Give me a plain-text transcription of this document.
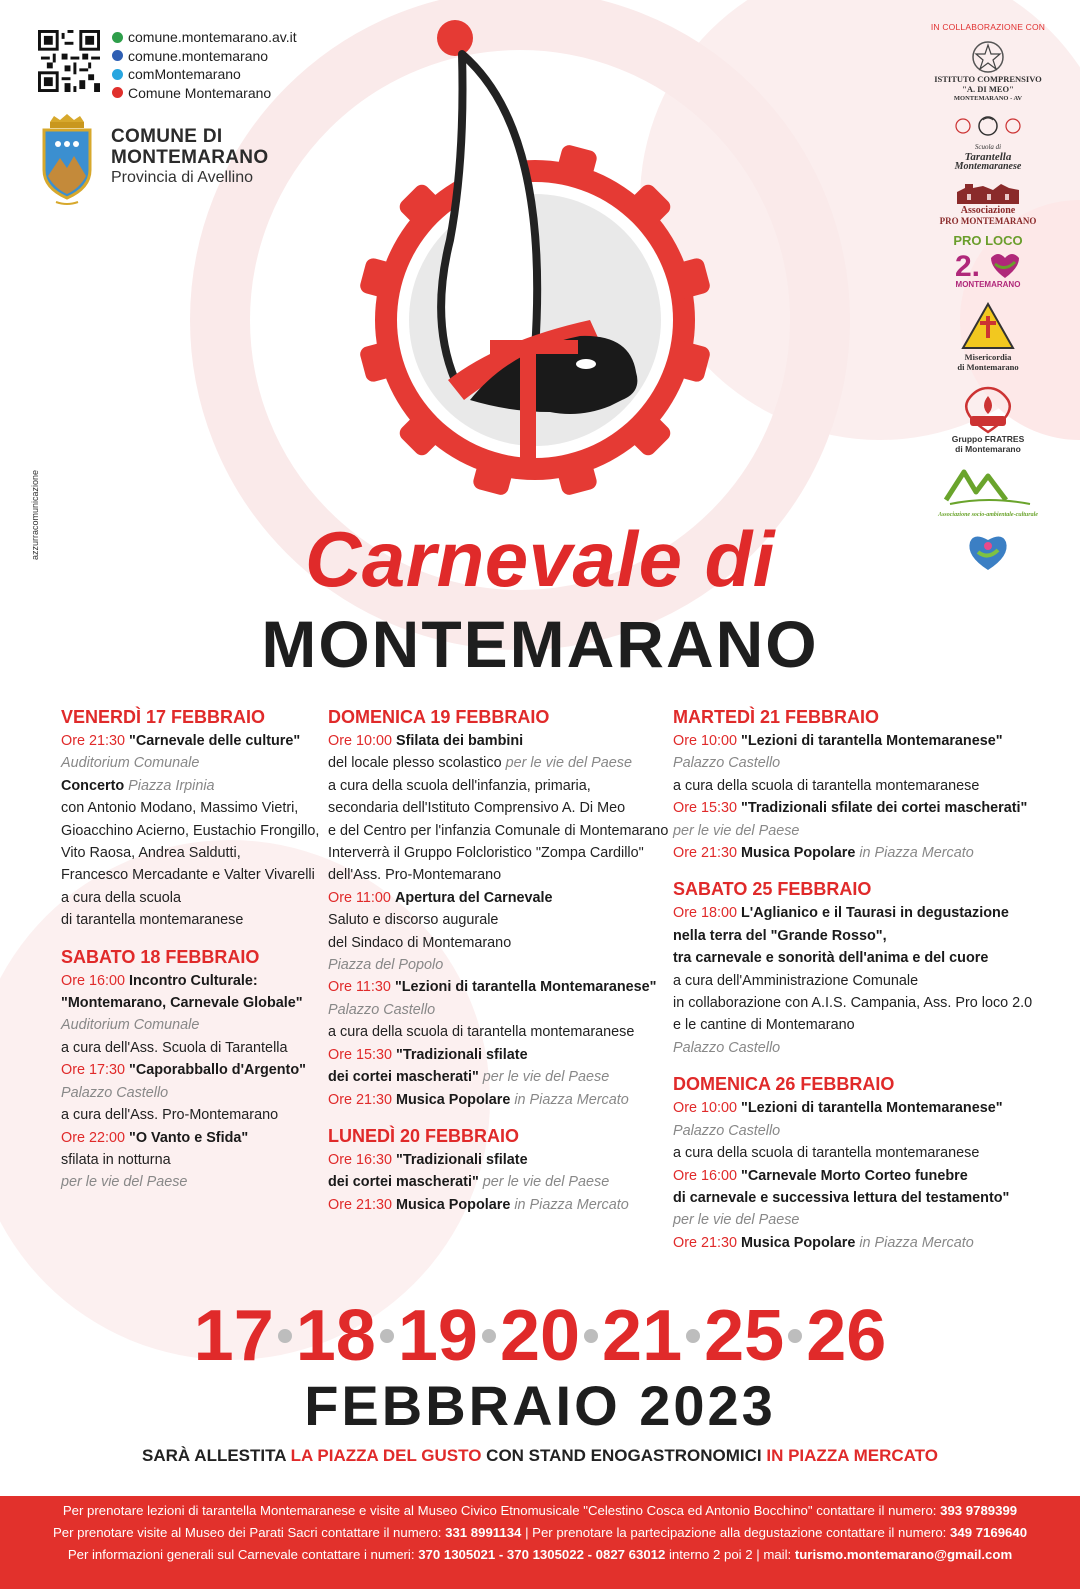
comune.montemarano.av.it
comune.montemarano
comMontemarano
Comune Montemarano
COMUNE DI
MONTEMARANO
Provincia di Avellino
IN COLLABORAZIONE CON
ISTITUTO COMPRENSIVO
"A. DI MEO"
MONTEMARANO - AV
Scuola di
Tarantella
Montemaranese
Associazione
PRO MONTEMARANO
PRO LOCO
2.
MONTEMARANO
Misericordia
di Montemarano
Gruppo FRATRES
di Montemarano
Associazione socio-ambientale-culturale
azzurracomunicazione	Carnevale di
MONTEMARANO
VENERDÌ 17 FEBBRAIO
Ore 21:30 "Carnevale delle culture"
Auditorium Comunale
Concerto Piazza Irpinia
con Antonio Modano, Massimo Vietri,
Gioacchino Acierno, Eustachio Frongillo,
Vito Raosa, Andrea Saldutti,
Francesco Mercadante e Valter Vivarelli
a cura della scuola
di tarantella montemaranese
SABATO 18 FEBBRAIO
Ore 16:00 Incontro Culturale:
"Montemarano, Carnevale Globale"
Auditorium Comunale
a cura dell'Ass. Scuola di Tarantella
Ore 17:30 "Caporabballo d'Argento"
Palazzo Castello
a cura dell'Ass. Pro-Montemarano
Ore 22:00 "O Vanto e Sfida"
sfilata in notturna
per le vie del Paese
DOMENICA 19 FEBBRAIO
Ore 10:00 Sfilata dei bambini
del locale plesso scolastico per le vie del Paese
a cura della scuola dell'infanzia, primaria,
secondaria dell'Istituto Comprensivo A. Di Meo
e del Centro per l'infanzia Comunale di Montemarano
Interverrà il Gruppo Folcloristico "Zompa Cardillo"
dell'Ass. Pro-Montemarano
Ore 11:00 Apertura del Carnevale
Saluto e discorso augurale
del Sindaco di Montemarano
Piazza del Popolo
Ore 11:30 "Lezioni di tarantella Montemaranese"
Palazzo Castello
a cura della scuola di tarantella montemaranese
Ore 15:30 "Tradizionali sfilate
dei cortei mascherati" per le vie del Paese
Ore 21:30 Musica Popolare in Piazza Mercato
LUNEDÌ 20 FEBBRAIO
Ore 16:30 "Tradizionali sfilate
dei cortei mascherati" per le vie del Paese
Ore 21:30 Musica Popolare in Piazza Mercato
MARTEDÌ 21 FEBBRAIO
Ore 10:00 "Lezioni di tarantella Montemaranese"
Palazzo Castello
a cura della scuola di tarantella montemaranese
Ore 15:30 "Tradizionali sfilate dei cortei mascherati"
per le vie del Paese
Ore 21:30 Musica Popolare in Piazza Mercato
SABATO 25 FEBBRAIO
Ore 18:00 L'Aglianico e il Taurasi in degustazione
nella terra del "Grande Rosso",
tra carnevale e sonorità dell'anima e del cuore
a cura dell'Amministrazione Comunale
in collaborazione con A.I.S. Campania, Ass. Pro loco 2.0
e le cantine di Montemarano
Palazzo Castello
DOMENICA 26 FEBBRAIO
Ore 10:00 "Lezioni di tarantella Montemaranese"
Palazzo Castello
a cura della scuola di tarantella montemaranese
Ore 16:00 "Carnevale Morto Corteo funebre
di carnevale e successiva lettura del testamento"
per le vie del Paese
Ore 21:30 Musica Popolare in Piazza Mercato
17 18 19 20 21 25 26
FEBBRAIO 2023
SARÀ ALLESTITA LA PIAZZA DEL GUSTO CON STAND ENOGASTRONOMICI IN PIAZZA MERCATO
Per prenotare lezioni di tarantella Montemaranese e visite al Museo Civico Etnomusicale "Celestino Cosca ed Antonio Bocchino" contattare il numero: 393 9789399
Per prenotare visite al Museo dei Parati Sacri contattare il numero: 331 8991134 | Per prenotare la partecipazione alla degustazione contattare il numero: 349 7169640
Per informazioni generali sul Carnevale contattare i numeri: 370 1305021 - 370 1305022 - 0827 63012 interno 2 poi 2 | mail: turismo.montemarano@gmail.com
